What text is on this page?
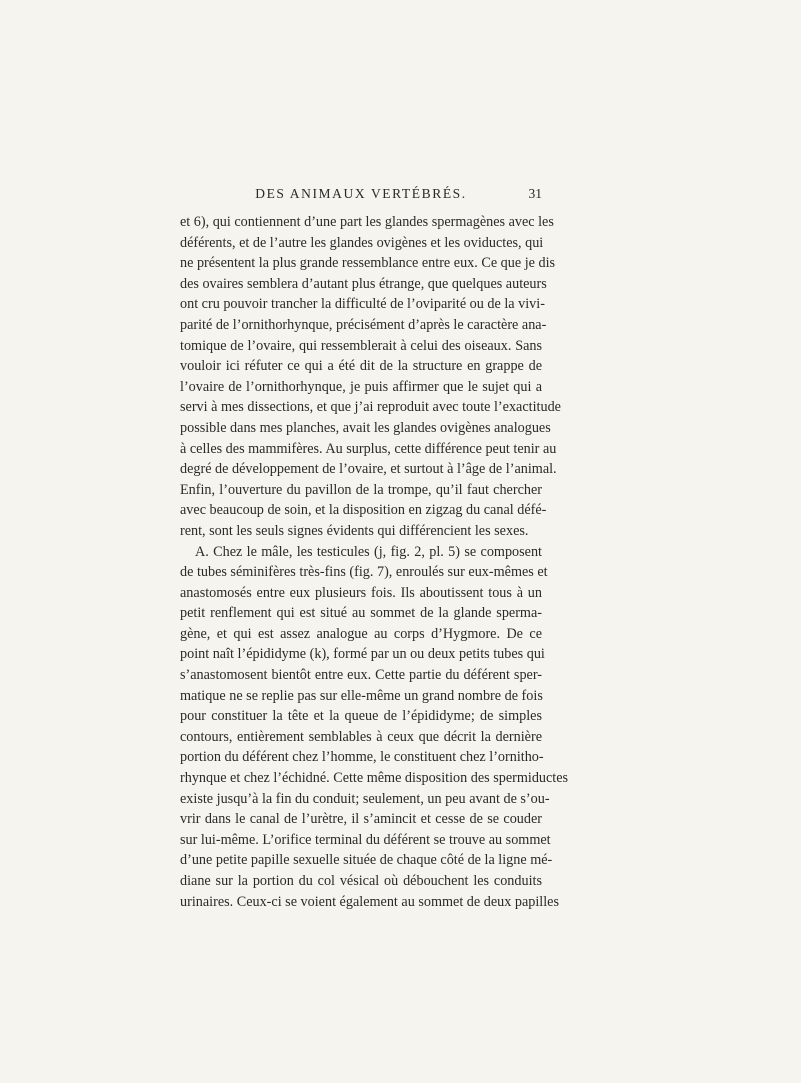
DES ANIMAUX VERTÉBRÉS.	31
et 6), qui contiennent d’une part les glandes spermagènes avec les
déférents, et de l’autre les glandes ovigènes et les oviductes, qui
ne présentent la plus grande ressemblance entre eux. Ce que je dis
des ovaires semblera d’autant plus étrange, que quelques auteurs
ont cru pouvoir trancher la difficulté de l’oviparité ou de la vivi-
parité de l’ornithorhynque, précisément d’après le caractère ana-
tomique de l’ovaire, qui ressemblerait à celui des oiseaux. Sans
vouloir ici réfuter ce qui a été dit de la structure en grappe de
l’ovaire de l’ornithorhynque, je puis affirmer que le sujet qui a
servi à mes dissections, et que j’ai reproduit avec toute l’exactitude
possible dans mes planches, avait les glandes ovigènes analogues
à celles des mammifères. Au surplus, cette différence peut tenir au
degré de développement de l’ovaire, et surtout à l’âge de l’animal.
Enfin, l’ouverture du pavillon de la trompe, qu’il faut chercher
avec beaucoup de soin, et la disposition en zigzag du canal défé-
rent, sont les seuls signes évidents qui différencient les sexes.
A. Chez le mâle, les testicules (j, fig. 2, pl. 5) se composent
de tubes séminifères très-fins (fig. 7), enroulés sur eux-mêmes et
anastomosés entre eux plusieurs fois. Ils aboutissent tous à un
petit renflement qui est situé au sommet de la glande sperma-
gène, et qui est assez analogue au corps d’Hygmore. De ce
point naît l’épididyme (k), formé par un ou deux petits tubes qui
s’anastomosent bientôt entre eux. Cette partie du déférent sper-
matique ne se replie pas sur elle-même un grand nombre de fois
pour constituer la tête et la queue de l’épididyme; de simples
contours, entièrement semblables à ceux que décrit la dernière
portion du déférent chez l’homme, le constituent chez l’ornitho-
rhynque et chez l’échidné. Cette même disposition des spermiductes
existe jusqu’à la fin du conduit; seulement, un peu avant de s’ou-
vrir dans le canal de l’urètre, il s’amincit et cesse de se couder
sur lui-même. L’orifice terminal du déférent se trouve au sommet
d’une petite papille sexuelle située de chaque côté de la ligne mé-
diane sur la portion du col vésical où débouchent les conduits
urinaires. Ceux-ci se voient également au sommet de deux papilles
